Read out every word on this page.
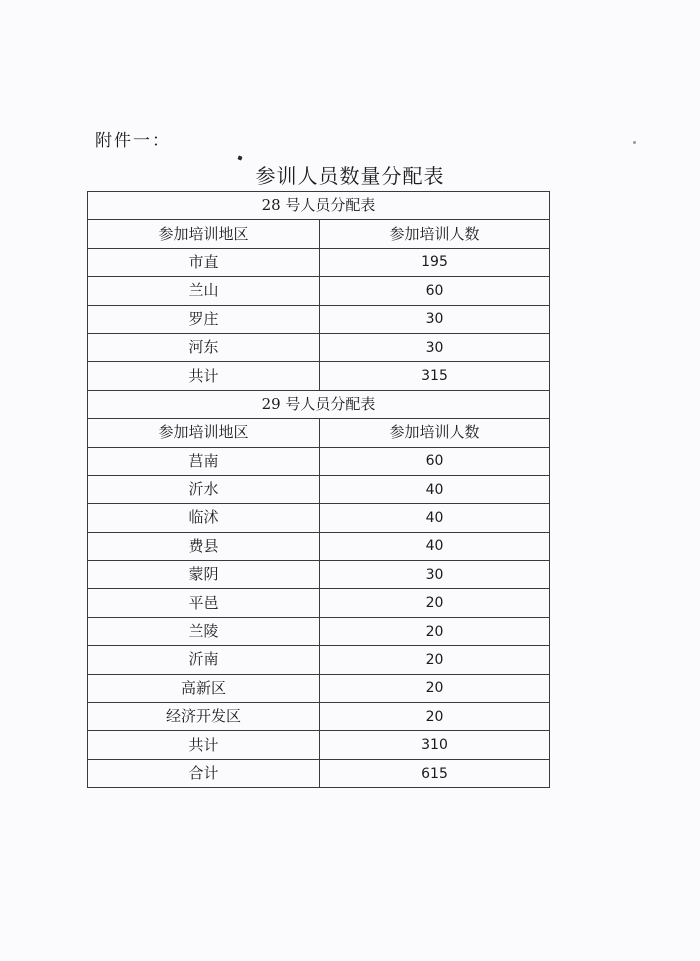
附件一：
参训人员数量分配表
28 号人员分配表	
参加培训地区	参加培训人数
市直	195
兰山	60
罗庄	30
河东	30
共计	315
29 号人员分配表	
参加培训地区	参加培训人数
莒南	60
沂水	40
临沭	40
费县	40
蒙阴	30
平邑	20
兰陵	20
沂南	20
高新区	20
经济开发区	20
共计	310
合计	615
